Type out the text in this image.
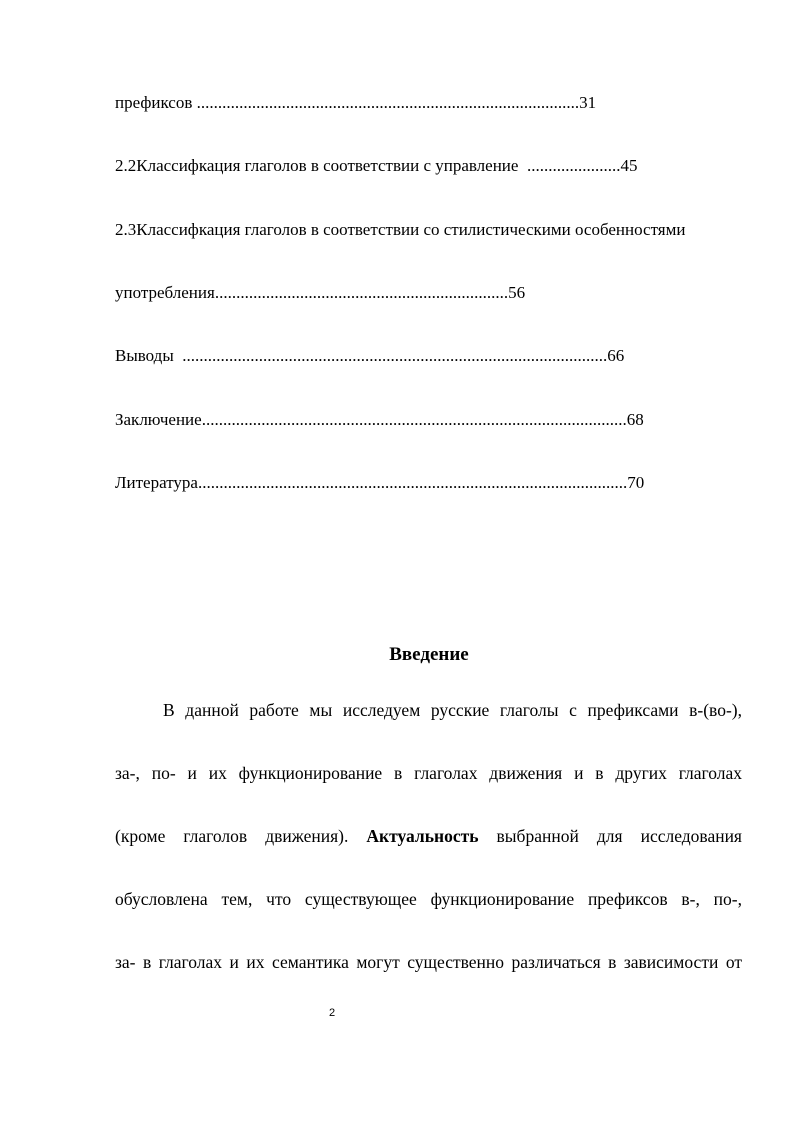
префиксов ..........................................................................................31
2.2Классифкация глаголов в соответствии с управление  ......................45
2.3Классифкация глаголов в соответствии со стилистическими особенностями
употребления.....................................................................56
Выводы  ....................................................................................................66
Заключение....................................................................................................68
Литература.....................................................................................................70
Введение
В данной работе мы исследуем русские глаголы с префиксами в-(во-),
за-, по- и их функционирование в глаголах движения и в других глаголах
(кроме глаголов движения). Актуальность выбранной для исследования
обусловлена тем, что существующее функционирование префиксов в-, по-,
за- в глаголах и их семантика могут существенно различаться в зависимости от
2
